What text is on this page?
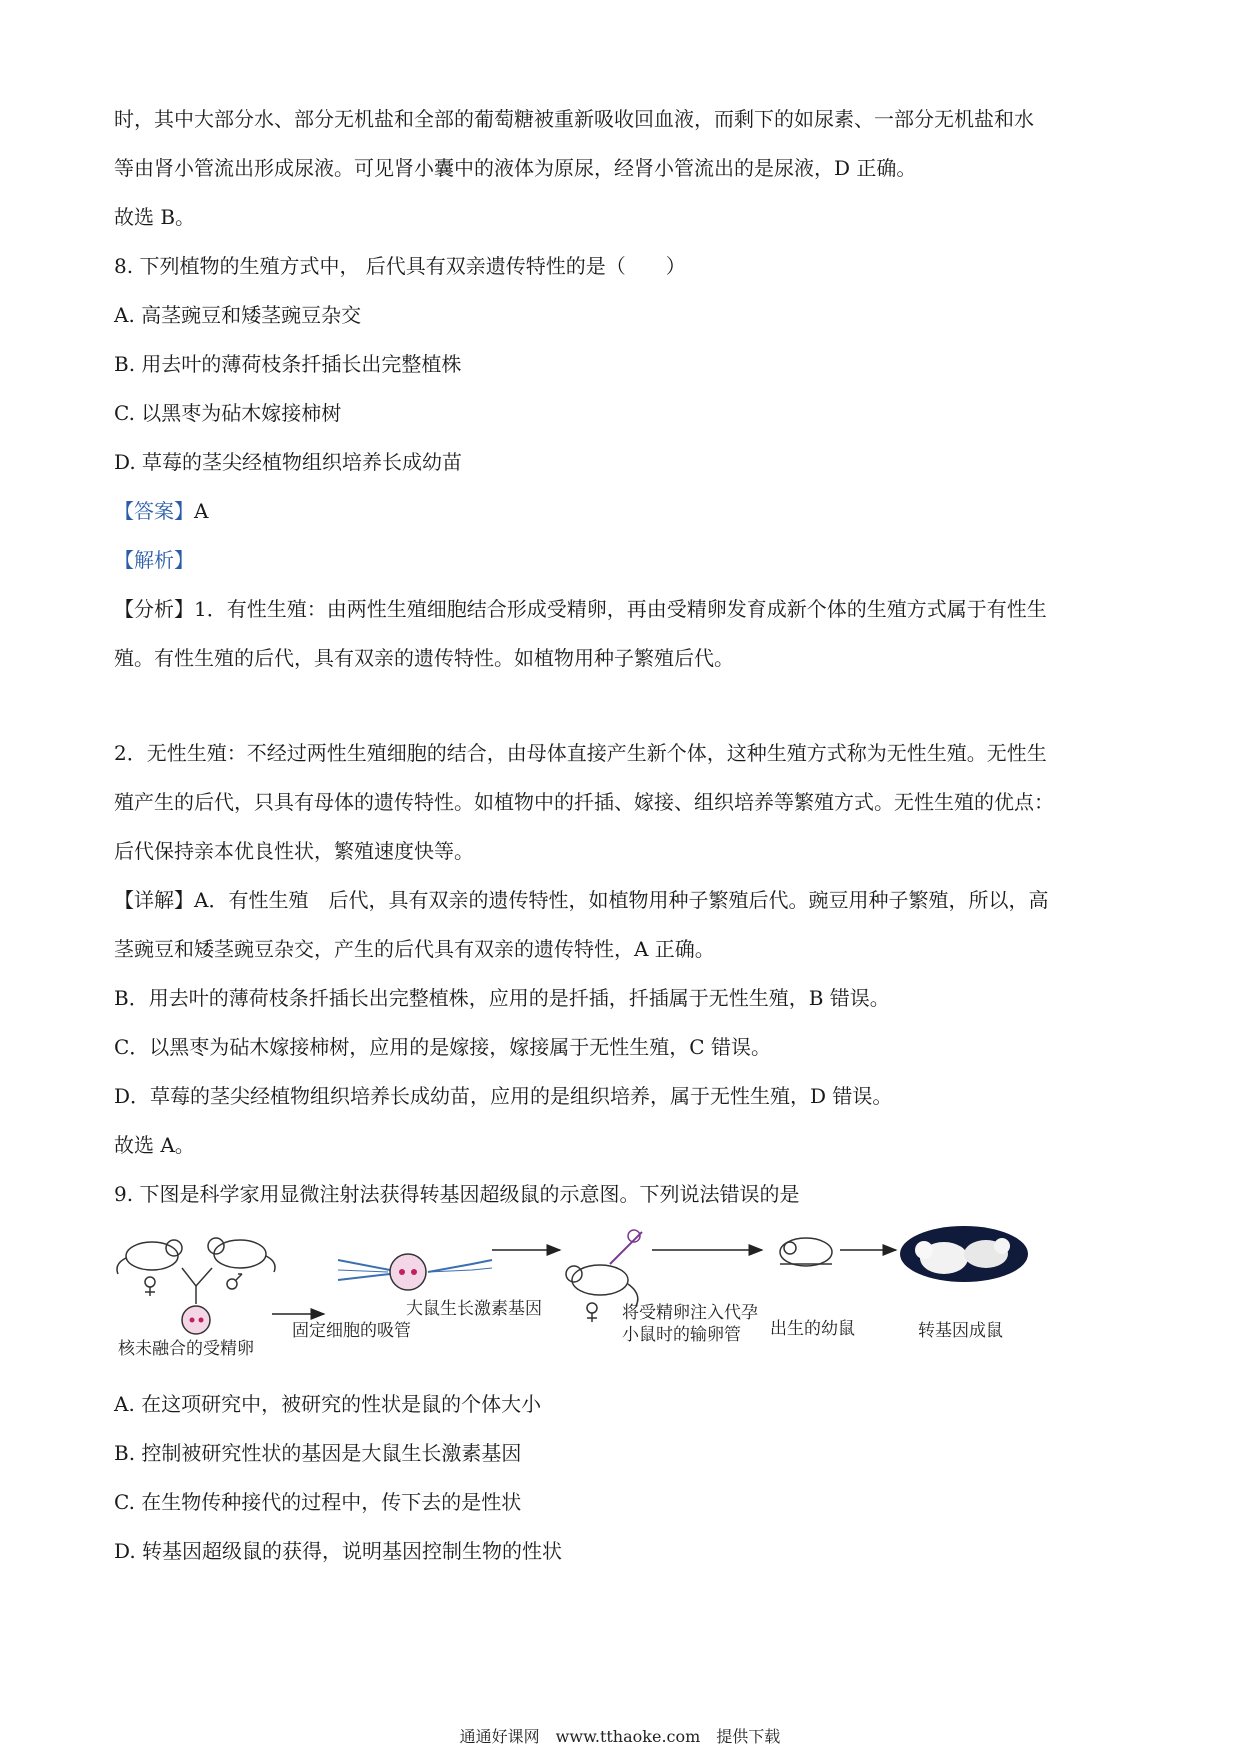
时，其中大部分水、部分无机盐和全部的葡萄糖被重新吸收回血液，而剩下的如尿素、一部分无机盐和水
等由肾小管流出形成尿液。可见肾小囊中的液体为原尿，经肾小管流出的是尿液，D 正确。
故选 B。
8. 下列植物的生殖方式中， 后代具有双亲遗传特性的是（　　）
A. 高茎豌豆和矮茎豌豆杂交
B. 用去叶的薄荷枝条扦插长出完整植株
C. 以黑枣为砧木嫁接柿树
D. 草莓的茎尖经植物组织培养长成幼苗
【答案】A
【解析】
【分析】1．有性生殖：由两性生殖细胞结合形成受精卵，再由受精卵发育成新个体的生殖方式属于有性生
殖。有性生殖的后代，具有双亲的遗传特性。如植物用种子繁殖后代。
2．无性生殖：不经过两性生殖细胞的结合，由母体直接产生新个体，这种生殖方式称为无性生殖。无性生
殖产生的后代，只具有母体的遗传特性。如植物中的扦插、嫁接、组织培养等繁殖方式。无性生殖的优点：
后代保持亲本优良性状，繁殖速度快等。
【详解】A．有性生殖　后代，具有双亲的遗传特性，如植物用种子繁殖后代。豌豆用种子繁殖，所以，高
茎豌豆和矮茎豌豆杂交，产生的后代具有双亲的遗传特性，A 正确。
B．用去叶的薄荷枝条扦插长出完整植株，应用的是扦插，扦插属于无性生殖，B 错误。
C．以黑枣为砧木嫁接柿树，应用的是嫁接，嫁接属于无性生殖，C 错误。
D．草莓的茎尖经植物组织培养长成幼苗，应用的是组织培养，属于无性生殖，D 错误。
故选 A。
9. 下图是科学家用显微注射法获得转基因超级鼠的示意图。下列说法错误的是
核未融合的受精卵
固定细胞的吸管
大鼠生长激素基因	将受精卵注入代孕
小鼠时的输卵管 出生的幼鼠	转基因成鼠
A. 在这项研究中，被研究的性状是鼠的个体大小
B. 控制被研究性状的基因是大鼠生长激素基因
C. 在生物传种接代的过程中，传下去的是性状
D. 转基因超级鼠的获得，说明基因控制生物的性状
通通好课网　www.tthaoke.com　提供下载
